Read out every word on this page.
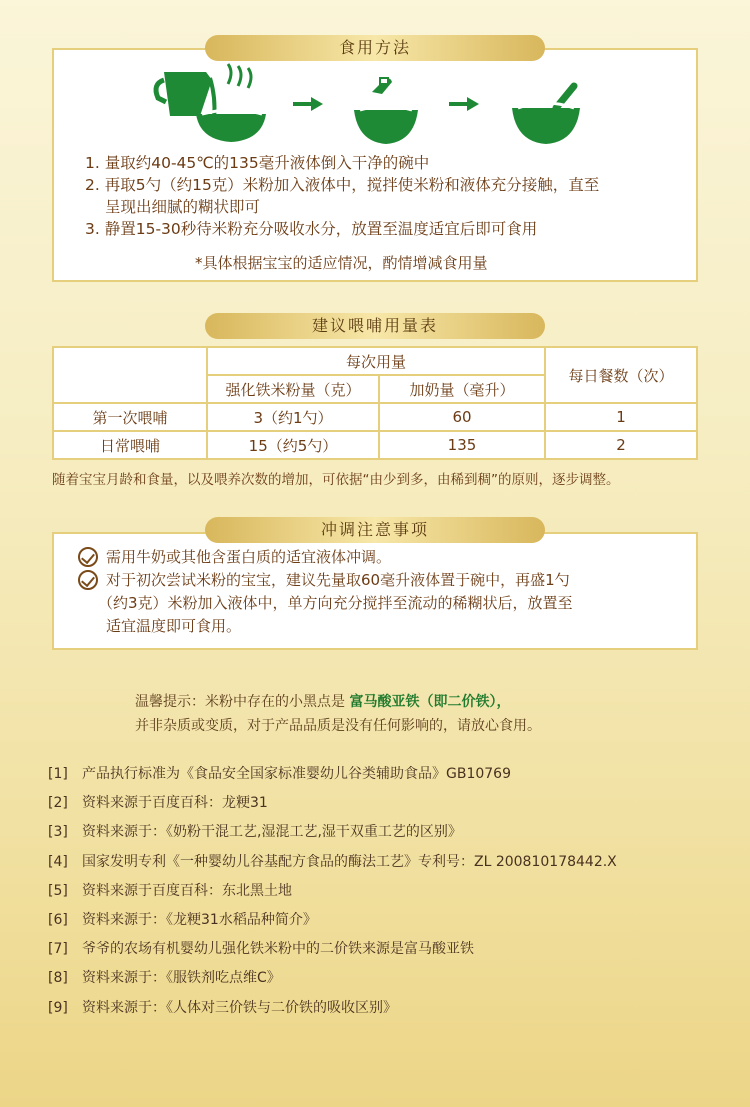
食用方法
1. 量取约40-45℃的135毫升液体倒入干净的碗中
2. 再取5勺（约15克）米粉加入液体中，搅拌使米粉和液体充分接触，直至
呈现出细腻的糊状即可
3. 静置15-30秒待米粉充分吸收水分，放置至温度适宜后即可食用
*具体根据宝宝的适应情况，酌情增减食用量
建议喂哺用量表
	每次用量		每日餐数（次）
	强化铁米粉量（克）	加奶量（毫升）	
第一次喂哺	3（约1勺）	60	1
日常喂哺	15（约5勺）	135	2
随着宝宝月龄和食量，以及喂养次数的增加，可依据“由少到多，由稀到稠”的原则，逐步调整。
冲调注意事项
需用牛奶或其他含蛋白质的适宜液体冲调。
对于初次尝试米粉的宝宝，建议先量取60毫升液体置于碗中，再盛1勺
（约3克）米粉加入液体中，单方向充分搅拌至流动的稀糊状后，放置至
适宜温度即可食用。
温馨提示：米粉中存在的小黑点是 富马酸亚铁（即二价铁），
并非杂质或变质，对于产品品质是没有任何影响的，请放心食用。
[1] 产品执行标准为《食品安全国家标准婴幼儿谷类辅助食品》GB10769
[2] 资料来源于百度百科：龙粳31
[3] 资料来源于：《奶粉干混工艺,湿混工艺,湿干双重工艺的区别》
[4] 国家发明专利《一种婴幼儿谷基配方食品的酶法工艺》专利号：ZL 200810178442.X
[5] 资料来源于百度百科：东北黑土地
[6] 资料来源于：《龙粳31水稻品种简介》
[7] 爷爷的农场有机婴幼儿强化铁米粉中的二价铁来源是富马酸亚铁
[8] 资料来源于：《服铁剂吃点维C》
[9] 资料来源于：《人体对三价铁与二价铁的吸收区别》
